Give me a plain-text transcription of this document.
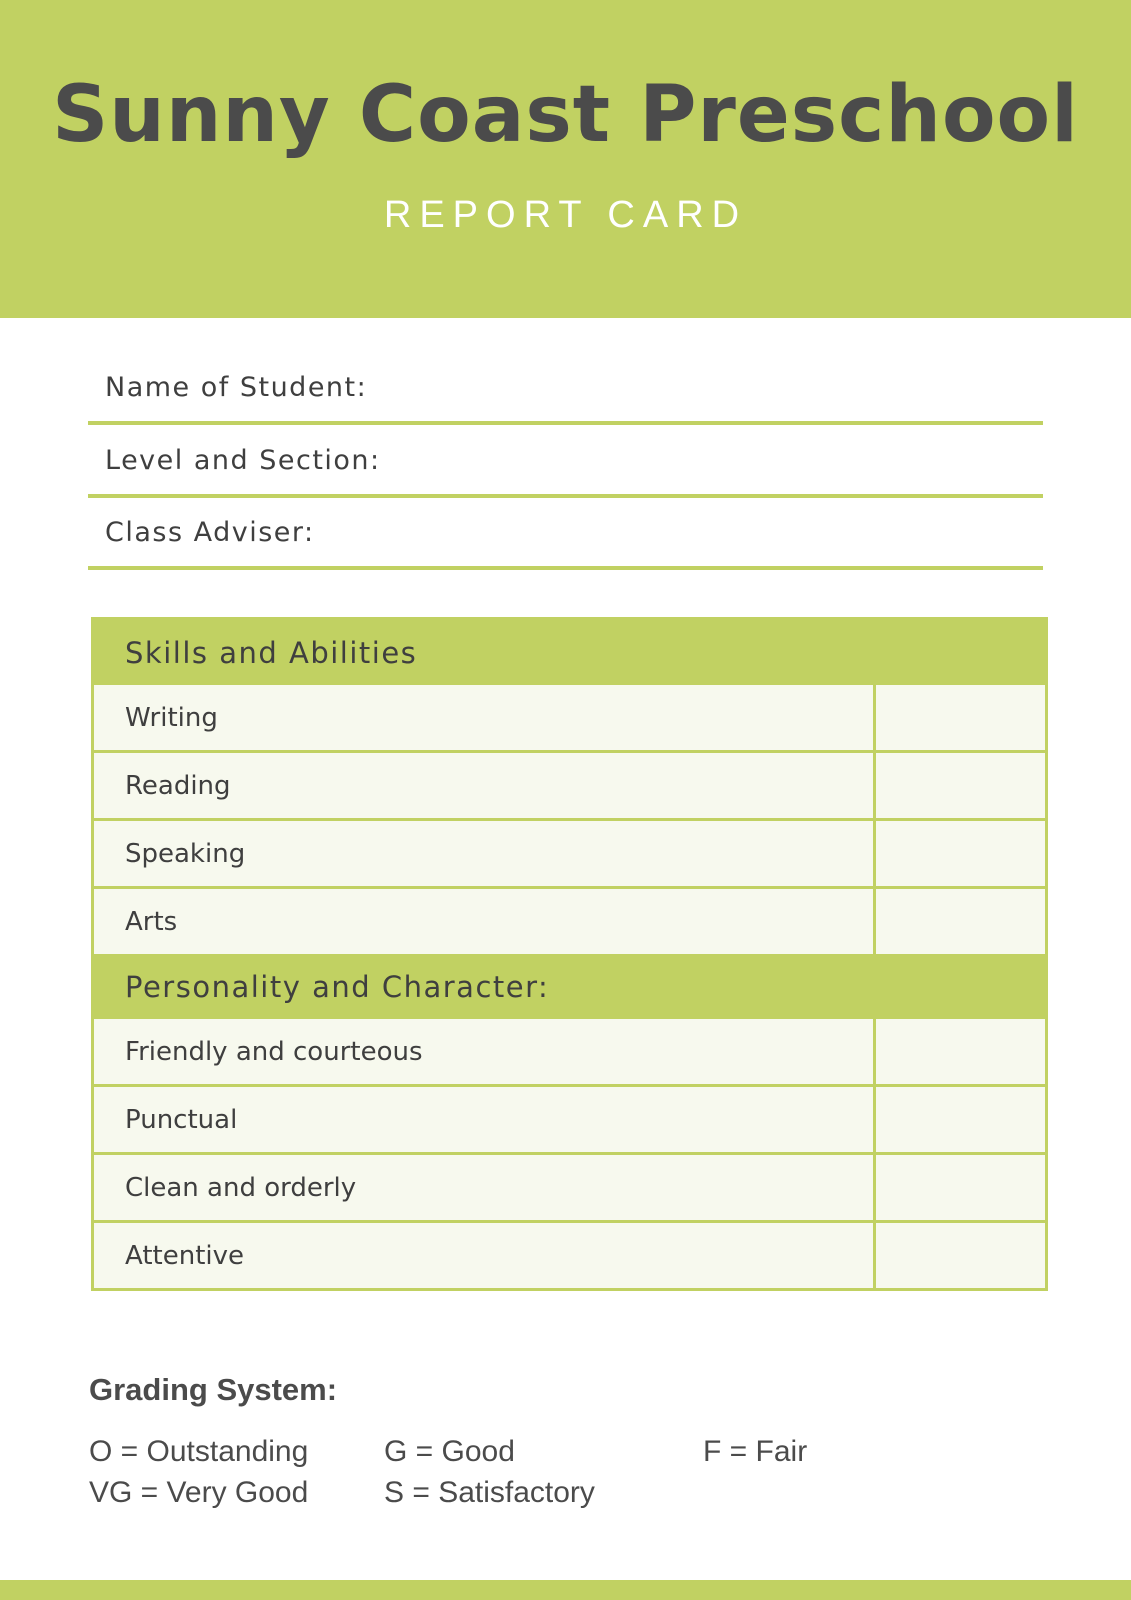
Sunny Coast Preschool
REPORT CARD
Name of Student:
Level and Section:
Class Adviser:
Skills and Abilities
Writing
Reading
Speaking
Arts
Personality and Character:
Friendly and courteous
Punctual
Clean and orderly
Attentive
Grading System:
O = Outstanding
VG = Very Good
G = Good
S = Satisfactory
F = Fair
